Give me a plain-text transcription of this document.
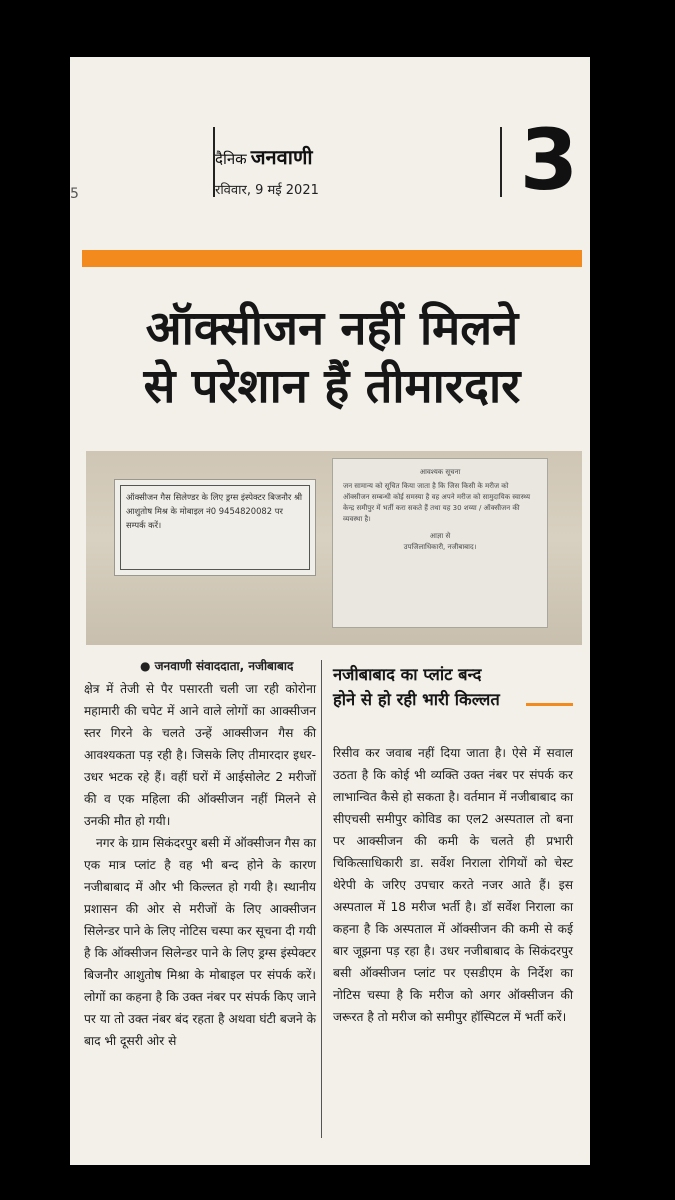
5
दैनिक जनवाणी
रविवार, 9 मई 2021	3
ऑक्सीजन नहीं मिलने
से परेशान हैं तीमारदार
ऑक्सीजन गैस सिलेण्डर के लिए ड्रग्स इंस्पेक्टर बिजनौर श्री आशुतोष मिश्र के मोबाइल नं0 9454820082 पर सम्पर्क करें।
आवश्यक सूचना
जन सामान्य को सूचित किया जाता है कि जिस किसी के मरीज को ऑक्सीजन सम्बन्धी कोई समस्या है वह अपने मरीज को सामुदायिक स्वास्थ्य केन्द्र समीपुर में भर्ती करा सकते हैं तथा यह 30 शय्या / ऑक्सीजन की व्यवस्था है।
आज्ञा से
उपजिलाधिकारी, नजीबाबाद।
● जनवाणी संवाददाता, नजीबाबाद नजीबाबाद का प्लांट बन्द
होने से हो रही भारी किल्लत

क्षेत्र में तेजी से पैर पसारती चली जा रही कोरोना महामारी की चपेट में आने वाले लोगों का आक्सीजन स्तर गिरने के चलते उन्हें आक्सीजन गैस की आवश्यकता पड़ रही है। जिसके लिए तीमारदार इधर-उधर भटक रहे हैं। वहीं घरों में आईसोलेट 2 मरीजों की व एक महिला की ऑक्सीजन नहीं मिलने से उनकी मौत हो गयी।

नगर के ग्राम सिकंदरपुर बसी में ऑक्सीजन गैस का एक मात्र प्लांट है वह भी बन्द होने के कारण नजीबाबाद में और भी किल्लत हो गयी है। स्थानीय प्रशासन की ओर से मरीजों के लिए आक्सीजन सिलेन्डर पाने के लिए नोटिस चस्पा कर सूचना दी गयी है कि ऑक्सीजन सिलेन्डर पाने के लिए ड्रग्स इंस्पेक्टर बिजनौर आशुतोष मिश्रा के मोबाइल पर संपर्क करें। लोगों का कहना है कि उक्त नंबर पर संपर्क किए जाने पर या तो उक्त नंबर बंद रहता है अथवा घंटी बजने के बाद भी दूसरी ओर से

रिसीव कर जवाब नहीं दिया जाता है। ऐसे में सवाल उठता है कि कोई भी व्यक्ति उक्त नंबर पर संपर्क कर लाभान्वित कैसे हो सकता है। वर्तमान में नजीबाबाद का सीएचसी समीपुर कोविड का एल2 अस्पताल तो बना पर आक्सीजन की कमी के चलते ही प्रभारी चिकित्साधिकारी डा. सर्वेश निराला रोगियों को चेस्ट थेरेपी के जरिए उपचार करते नजर आते हैं। इस अस्पताल में 18 मरीज भर्ती है। डॉ सर्वेश निराला का कहना है कि अस्पताल में ऑक्सीजन की कमी से कई बार जूझना पड़ रहा है। उधर नजीबाबाद के सिकंदरपुर बसी ऑक्सीजन प्लांट पर एसडीएम के निर्देश का नोटिस चस्पा है कि मरीज को अगर ऑक्सीजन की जरूरत है तो मरीज को समीपुर हॉस्पिटल में भर्ती करें।
